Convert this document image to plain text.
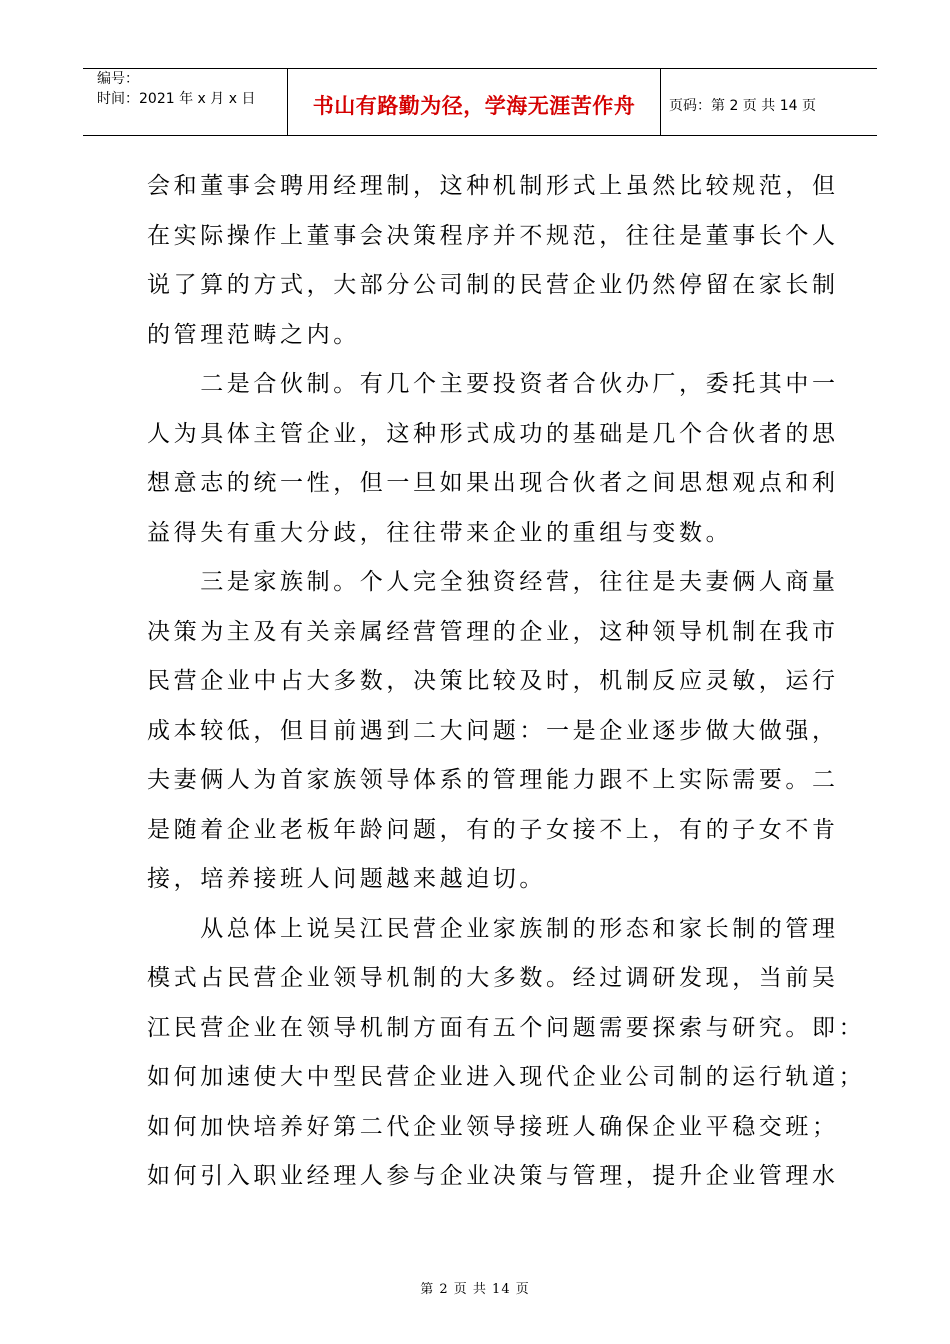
编号：
时间：2021 年 x 月 x 日	书山有路勤为径，学海无涯苦作舟 页码：第 2 页 共 14 页
会和董事会聘用经理制，这种机制形式上虽然比较规范，但
在实际操作上董事会决策程序并不规范，往往是董事长个人
说了算的方式，大部分公司制的民营企业仍然停留在家长制
的管理范畴之内。
　　二是合伙制。有几个主要投资者合伙办厂，委托其中一
人为具体主管企业，这种形式成功的基础是几个合伙者的思
想意志的统一性，但一旦如果出现合伙者之间思想观点和利
益得失有重大分歧，往往带来企业的重组与变数。
　　三是家族制。个人完全独资经营，往往是夫妻俩人商量
决策为主及有关亲属经营管理的企业，这种领导机制在我市
民营企业中占大多数，决策比较及时，机制反应灵敏，运行
成本较低，但目前遇到二大问题：一是企业逐步做大做强，
夫妻俩人为首家族领导体系的管理能力跟不上实际需要。二
是随着企业老板年龄问题，有的子女接不上，有的子女不肯
接，培养接班人问题越来越迫切。
　　从总体上说吴江民营企业家族制的形态和家长制的管理
模式占民营企业领导机制的大多数。经过调研发现，当前吴
江民营企业在领导机制方面有五个问题需要探索与研究。即：
如何加速使大中型民营企业进入现代企业公司制的运行轨道；
如何加快培养好第二代企业领导接班人确保企业平稳交班；
如何引入职业经理人参与企业决策与管理，提升企业管理水
第 2 页 共 14 页
